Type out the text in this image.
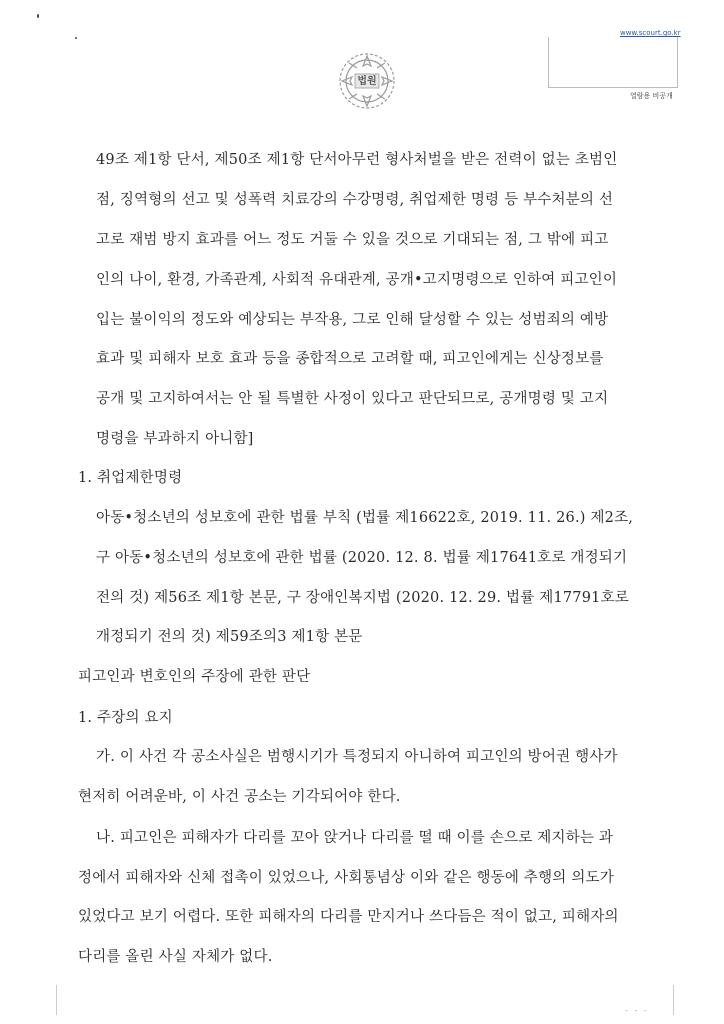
법원
www.scourt.go.kr
열람용 비공개
49조 제1항 단서, 제50조 제1항 단서아무런 형사처벌을 받은 전력이 없는 초범인
점, 징역형의 선고 및 성폭력 치료강의 수강명령, 취업제한 명령 등 부수처분의 선
고로 재범 방지 효과를 어느 정도 거둘 수 있을 것으로 기대되는 점, 그 밖에 피고
인의 나이, 환경, 가족관계, 사회적 유대관계, 공개•고지명령으로 인하여 피고인이
입는 불이익의 정도와 예상되는 부작용, 그로 인해 달성할 수 있는 성범죄의 예방
효과 및 피해자 보호 효과 등을 종합적으로 고려할 때, 피고인에게는 신상정보를
공개 및 고지하여서는 안 될 특별한 사정이 있다고 판단되므로, 공개명령 및 고지
명령을 부과하지 아니함]
1. 취업제한명령
아동•청소년의 성보호에 관한 법률 부칙 (법률 제16622호, 2019. 11. 26.) 제2조,
구 아동•청소년의 성보호에 관한 법률 (2020. 12. 8. 법률 제17641호로 개정되기
전의 것) 제56조 제1항 본문, 구 장애인복지법 (2020. 12. 29. 법률 제17791호로
개정되기 전의 것) 제59조의3 제1항 본문
피고인과 변호인의 주장에 관한 판단
1. 주장의 요지
가. 이 사건 각 공소사실은 범행시기가 특정되지 아니하여 피고인의 방어권 행사가
현저히 어려운바, 이 사건 공소는 기각되어야 한다.
나. 피고인은 피해자가 다리를 꼬아 앉거나 다리를 떨 때 이를 손으로 제지하는 과
정에서 피해자와 신체 접촉이 있었으나, 사회통념상 이와 같은 행동에 추행의 의도가
있었다고 보기 어렵다. 또한 피해자의 다리를 만지거나 쓰다듬은 적이 없고, 피해자의
다리를 올린 사실 자체가 없다.
- - -
